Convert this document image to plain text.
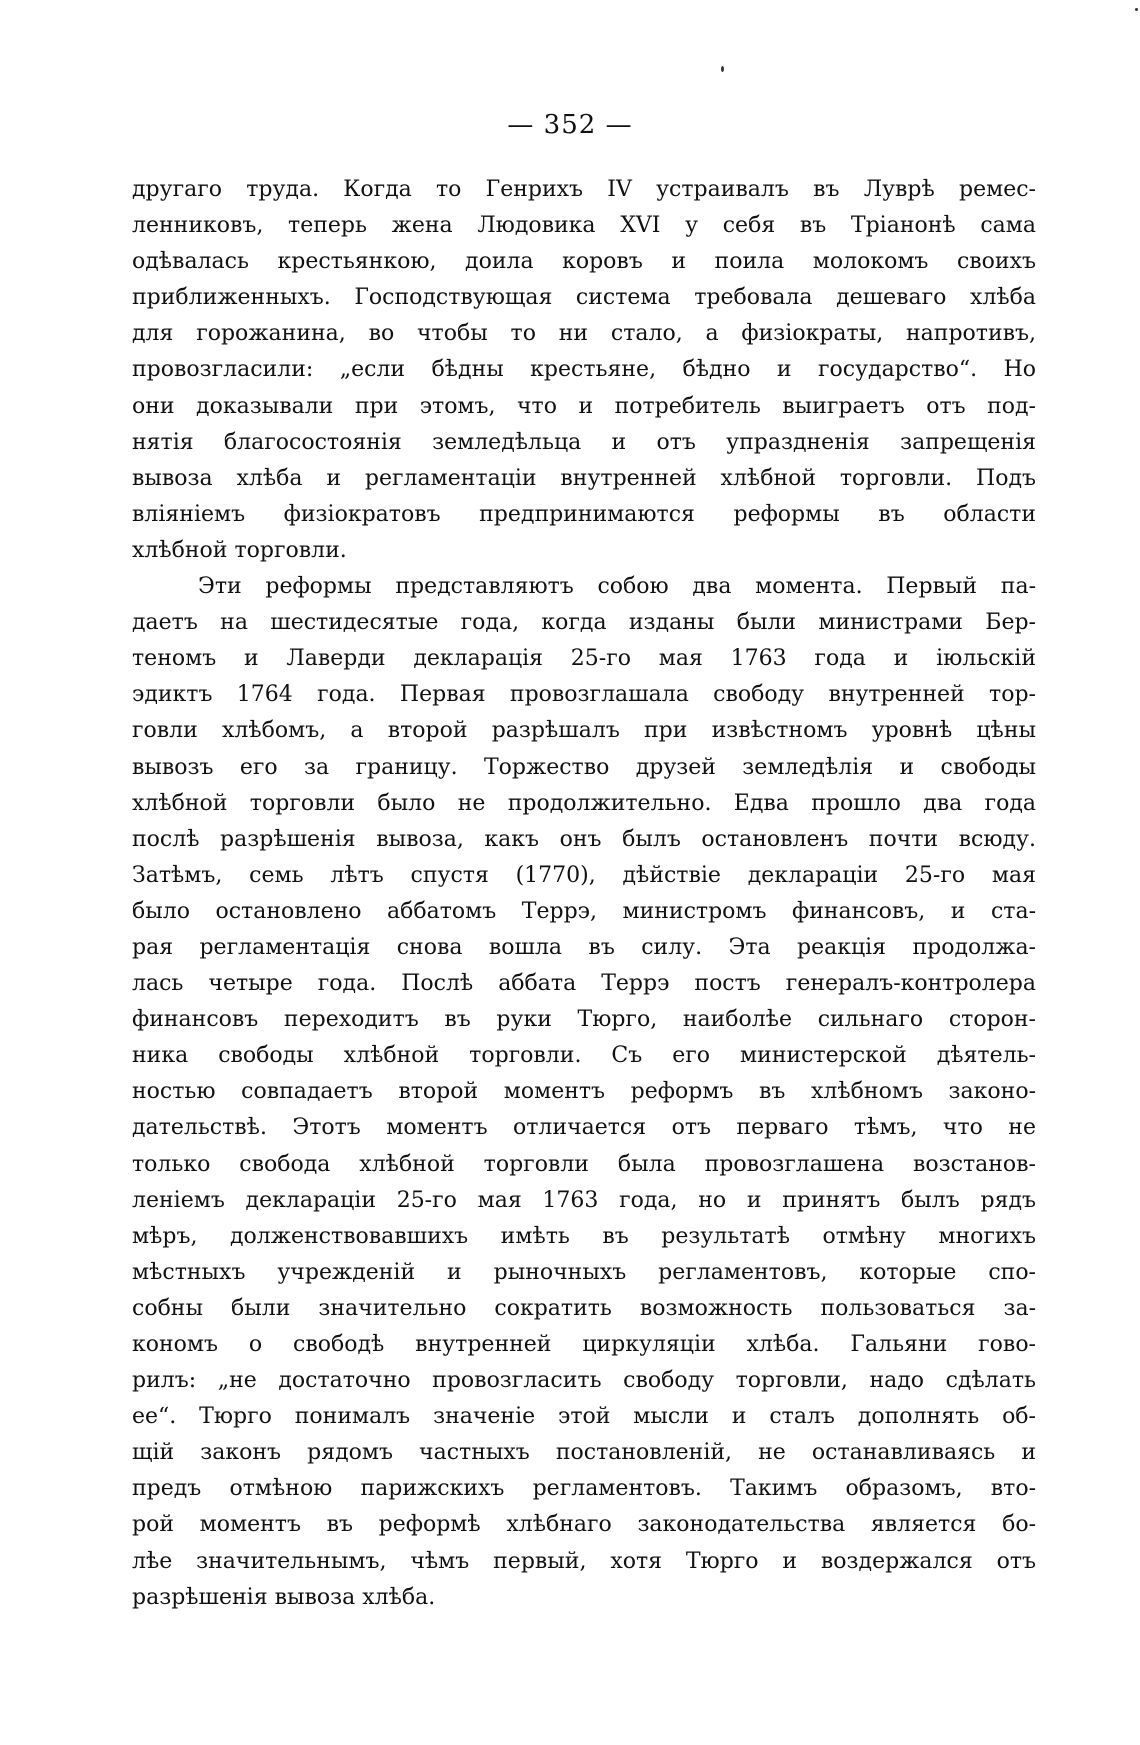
— 352 —
другаго труда. Когда то Генрихъ IV устраивалъ въ Луврѣ ремес-
ленниковъ, теперь жена Людовика XVI у себя въ Тріанонѣ сама
одѣвалась крестьянкою, доила коровъ и поила молокомъ своихъ
приближенныхъ. Господствующая система требовала дешеваго хлѣба
для горожанина, во чтобы то ни стало, а физіократы, напротивъ,
провозгласили: „если бѣдны крестьяне, бѣдно и государство“. Но
они доказывали при этомъ, что и потребитель выиграетъ отъ под-
нятія благосостоянія земледѣльца и отъ упраздненія запрещенія
вывоза хлѣба и регламентаціи внутренней хлѣбной торговли. Подъ
вліяніемъ физіократовъ предпринимаются реформы въ области
хлѣбной торговли.
Эти реформы представляютъ собою два момента. Первый па-
даетъ на шестидесятые года, когда изданы были министрами Бер-
теномъ и Лаверди декларація 25-го мая 1763 года и іюльскій
эдиктъ 1764 года. Первая провозглашала свободу внутренней тор-
говли хлѣбомъ, а второй разрѣшалъ при извѣстномъ уровнѣ цѣны
вывозъ его за границу. Торжество друзей земледѣлія и свободы
хлѣбной торговли было не продолжительно. Едва прошло два года
послѣ разрѣшенія вывоза, какъ онъ былъ остановленъ почти всюду.
Затѣмъ, семь лѣтъ спустя (1770), дѣйствіе деклараціи 25-го мая
было остановлено аббатомъ Террэ, министромъ финансовъ, и ста-
рая регламентація снова вошла въ силу. Эта реакція продолжа-
лась четыре года. Послѣ аббата Террэ постъ генералъ-контролера
финансовъ переходитъ въ руки Тюрго, наиболѣе сильнаго сторон-
ника свободы хлѣбной торговли. Съ его министерской дѣятель-
ностью совпадаетъ второй моментъ реформъ въ хлѣбномъ законо-
дательствѣ. Этотъ моментъ отличается отъ перваго тѣмъ, что не
только свобода хлѣбной торговли была провозглашена возстанов-
леніемъ деклараціи 25-го мая 1763 года, но и принятъ былъ рядъ
мѣръ, долженствовавшихъ имѣть въ результатѣ отмѣну многихъ
мѣстныхъ учрежденій и рыночныхъ регламентовъ, которые спо-
собны были значительно сократить возможность пользоваться за-
кономъ о свободѣ внутренней циркуляціи хлѣба. Гальяни гово-
рилъ: „не достаточно провозгласить свободу торговли, надо сдѣлать
ее“. Тюрго понималъ значеніе этой мысли и сталъ дополнять об-
щій законъ рядомъ частныхъ постановленій, не останавливаясь и
предъ отмѣною парижскихъ регламентовъ. Такимъ образомъ, вто-
рой моментъ въ реформѣ хлѣбнаго законодательства является бо-
лѣе значительнымъ, чѣмъ первый, хотя Тюрго и воздержался отъ
разрѣшенія вывоза хлѣба.
